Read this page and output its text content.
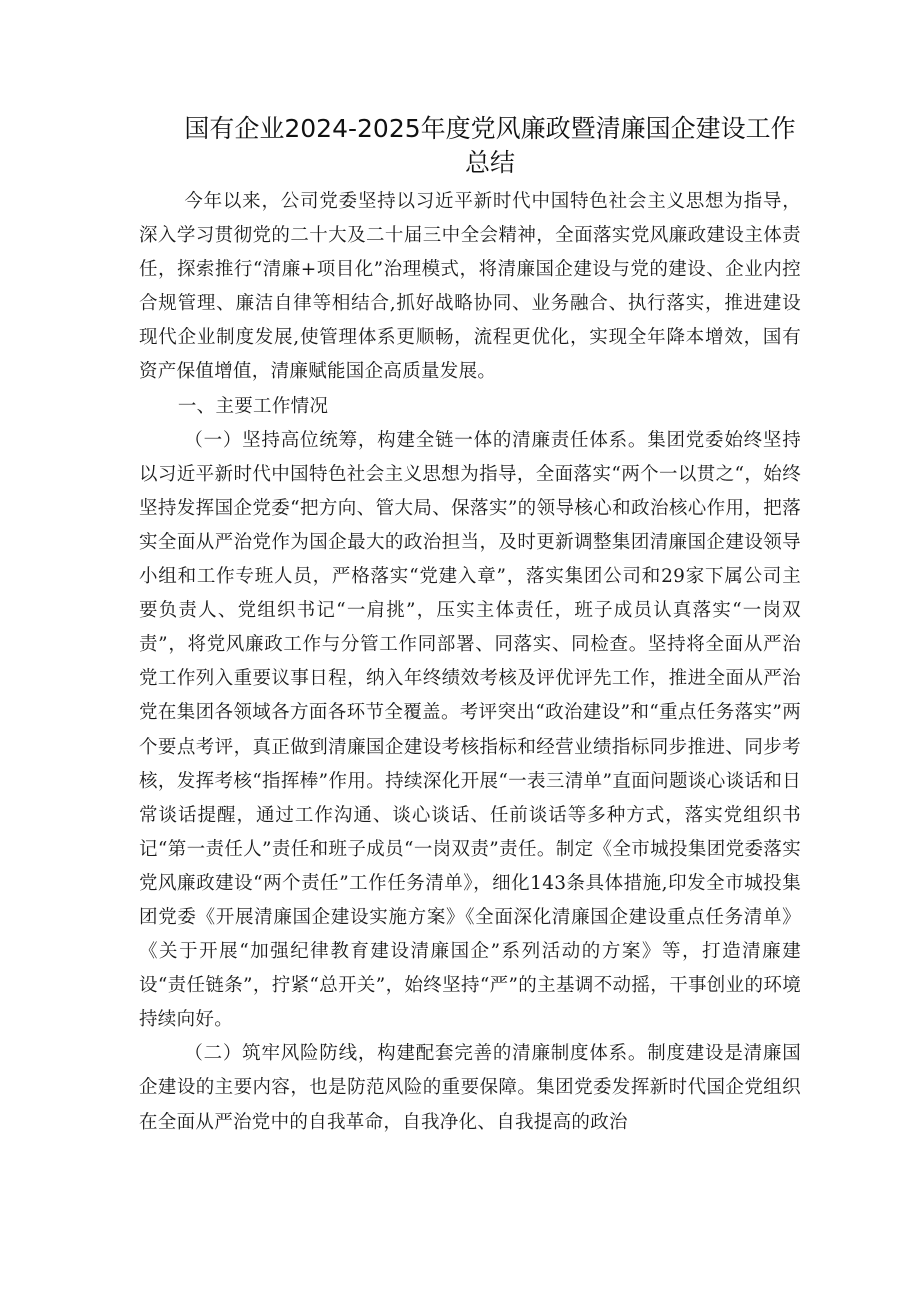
国有企业2024-2025年度党风廉政暨清廉国企建设工作
总结

今年以来，公司党委坚持以习近平新时代中国特色社会主义思想为指导，深入学习贯彻党的二十大及二十届三中全会精神，全面落实党风廉政建设主体责任，探索推行“清廉+项目化”治理模式，将清廉国企建设与党的建设、企业内控合规管理、廉洁自律等相结合,抓好战略协同、业务融合、执行落实，推进建设现代企业制度发展,使管理体系更顺畅，流程更优化，实现全年降本增效，国有资产保值增值，清廉赋能国企高质量发展。

一、主要工作情况

（一）坚持高位统筹，构建全链一体的清廉责任体系。集团党委始终坚持以习近平新时代中国特色社会主义思想为指导，全面落实“两个一以贯之“，始终坚持发挥国企党委“把方向、管大局、保落实”的领导核心和政治核心作用，把落实全面从严治党作为国企最大的政治担当，及时更新调整集团清廉国企建设领导小组和工作专班人员，严格落实“党建入章”，落实集团公司和29家下属公司主要负责人、党组织书记“一肩挑”，压实主体责任，班子成员认真落实“一岗双责”，将党风廉政工作与分管工作同部署、同落实、同检查。坚持将全面从严治党工作列入重要议事日程，纳入年终绩效考核及评优评先工作，推进全面从严治党在集团各领域各方面各环节全覆盖。考评突出“政治建设”和“重点任务落实”两个要点考评，真正做到清廉国企建设考核指标和经营业绩指标同步推进、同步考核，发挥考核“指挥棒”作用。持续深化开展“一表三清单”直面问题谈心谈话和日常谈话提醒，通过工作沟通、谈心谈话、任前谈话等多种方式，落实党组织书记“第一责任人”责任和班子成员“一岗双责”责任。制定《全市城投集团党委落实党风廉政建设“两个责任”工作任务清单》，细化143条具体措施,印发全市城投集团党委《开展清廉国企建设实施方案》《全面深化清廉国企建设重点任务清单》《关于开展“加强纪律教育建设清廉国企”系列活动的方案》等，打造清廉建设“责任链条”，拧紧“总开关”，始终坚持“严”的主基调不动摇，干事创业的环境持续向好。

（二）筑牢风险防线，构建配套完善的清廉制度体系。制度建设是清廉国企建设的主要内容，也是防范风险的重要保障。集团党委发挥新时代国企党组织在全面从严治党中的自我革命，自我净化、自我提高的政治
